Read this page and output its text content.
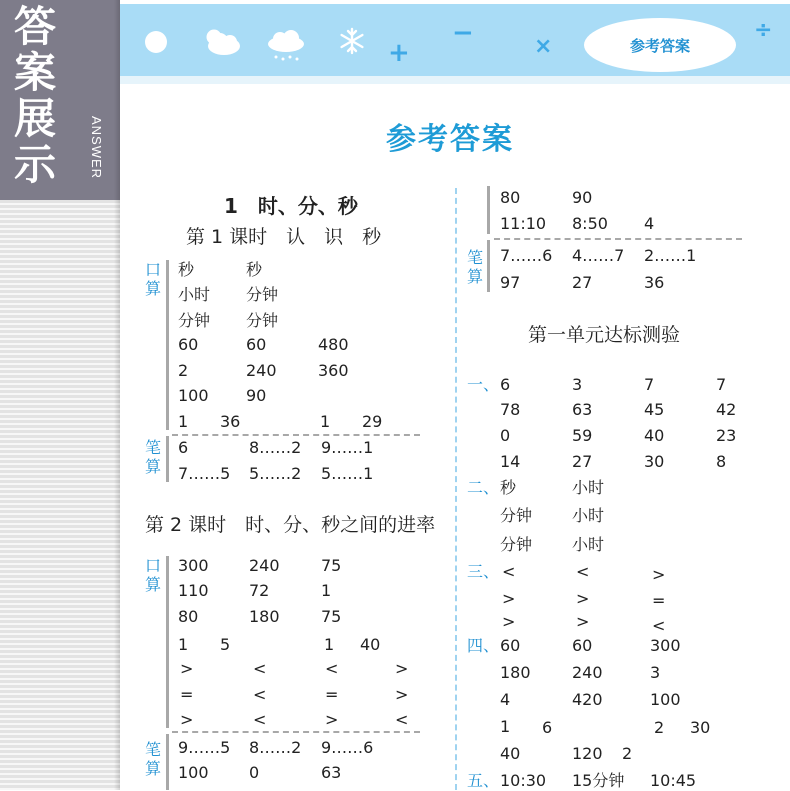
答案展示	ANSWER
+
−	×
÷
参考答案
参考答案
1　时、分、秒
第 1 课时　认　识　秒
口
算
秒	秒
小时 分钟
分钟 分钟
60	60	480
2	240	360
100 90
1 36	1 29
笔
算
6	8……2 9……1
7……5 5……2 5……1
第 2 课时　时、分、秒之间的进率
口
算
300	240	75
110	72	1
80	180	75
1 5	1 40
>	<	<	>
=	<	=	>
>	<	>	<
笔
算
9……5 8……2 9……6
100	0	63
80	90
11:10 8:50 4
笔
算
7……6 4……7 2……1
97	27	36
第一单元达标测验
一、 6	3	7	7
78	63	45	42
0	59	40	23
14	27	30	8
二、 秒	小时
分钟 小时
分钟 小时
三、 <	<	>
>	>	=
>	>	<
四、 60	60	300
180	240	3
4	420	100
1 6	2 30
40	120 2
五、 10:30 15分钟 10:45
